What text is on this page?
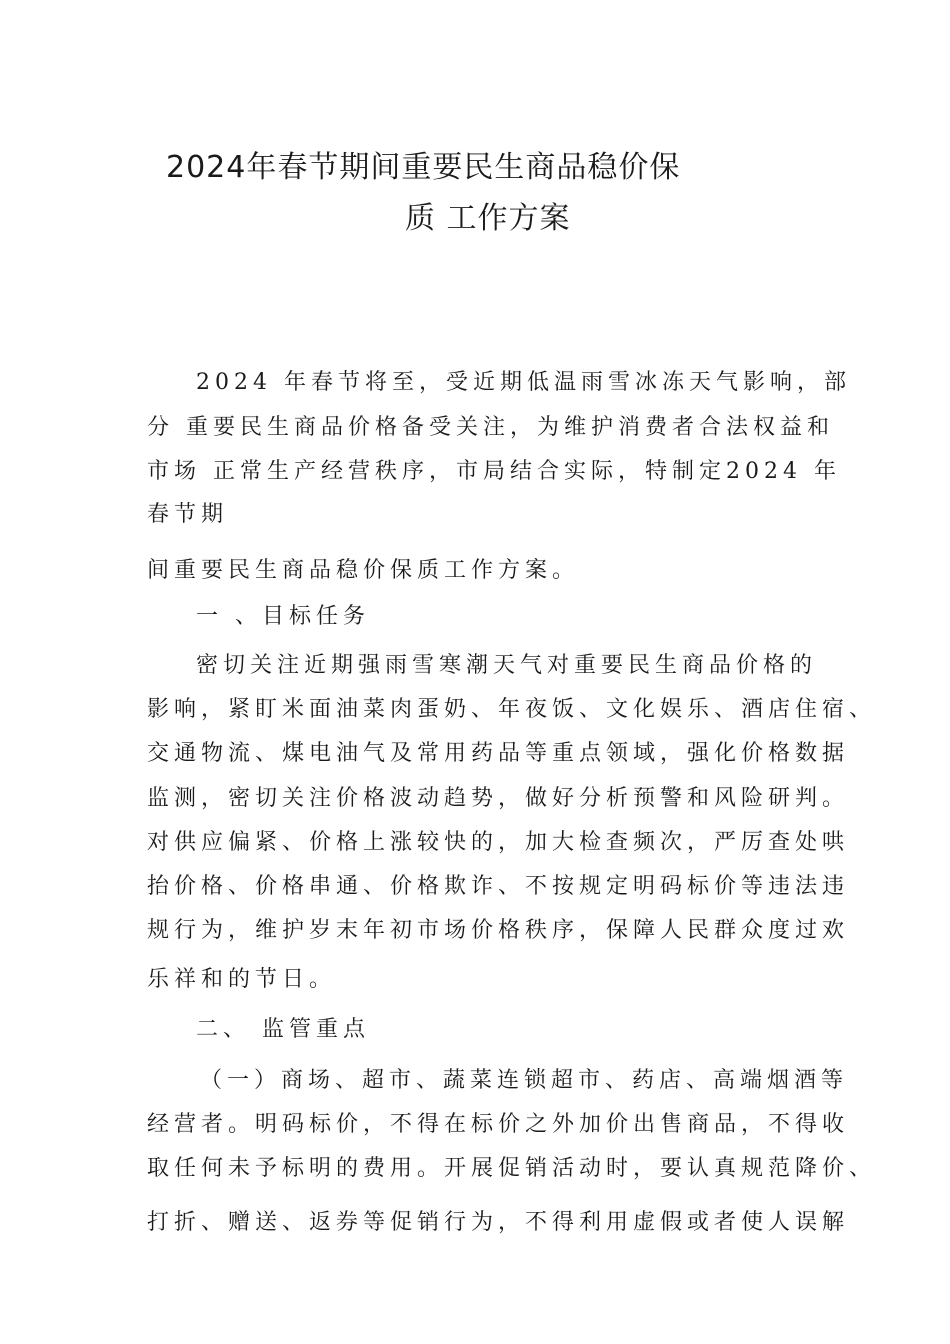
2024年春节期间重要民生商品稳价保
质 工作方案
2024 年春节将至，受近期低温雨雪冰冻天气影响，部
分 重要民生商品价格备受关注，为维护消费者合法权益和
市场 正常生产经营秩序，市局结合实际，特制定2024 年
春节期
间重要民生商品稳价保质工作方案。
一 、目标任务
密切关注近期强雨雪寒潮天气对重要民生商品价格的
影响，紧盯米面油菜肉蛋奶、年夜饭、文化娱乐、酒店住宿、
交通物流、煤电油气及常用药品等重点领域，强化价格数据
监测，密切关注价格波动趋势，做好分析预警和风险研判。
对供应偏紧、价格上涨较快的，加大检查频次，严厉查处哄
抬价格、价格串通、价格欺诈、不按规定明码标价等违法违
规行为，维护岁末年初市场价格秩序，保障人民群众度过欢
乐祥和的节日。
二、 监管重点
（一）商场、超市、蔬菜连锁超市、药店、高端烟酒等
经营者。明码标价，不得在标价之外加价出售商品，不得收
取任何未予标明的费用。开展促销活动时，要认真规范降价、
打折、赠送、返券等促销行为，不得利用虚假或者使人误解
